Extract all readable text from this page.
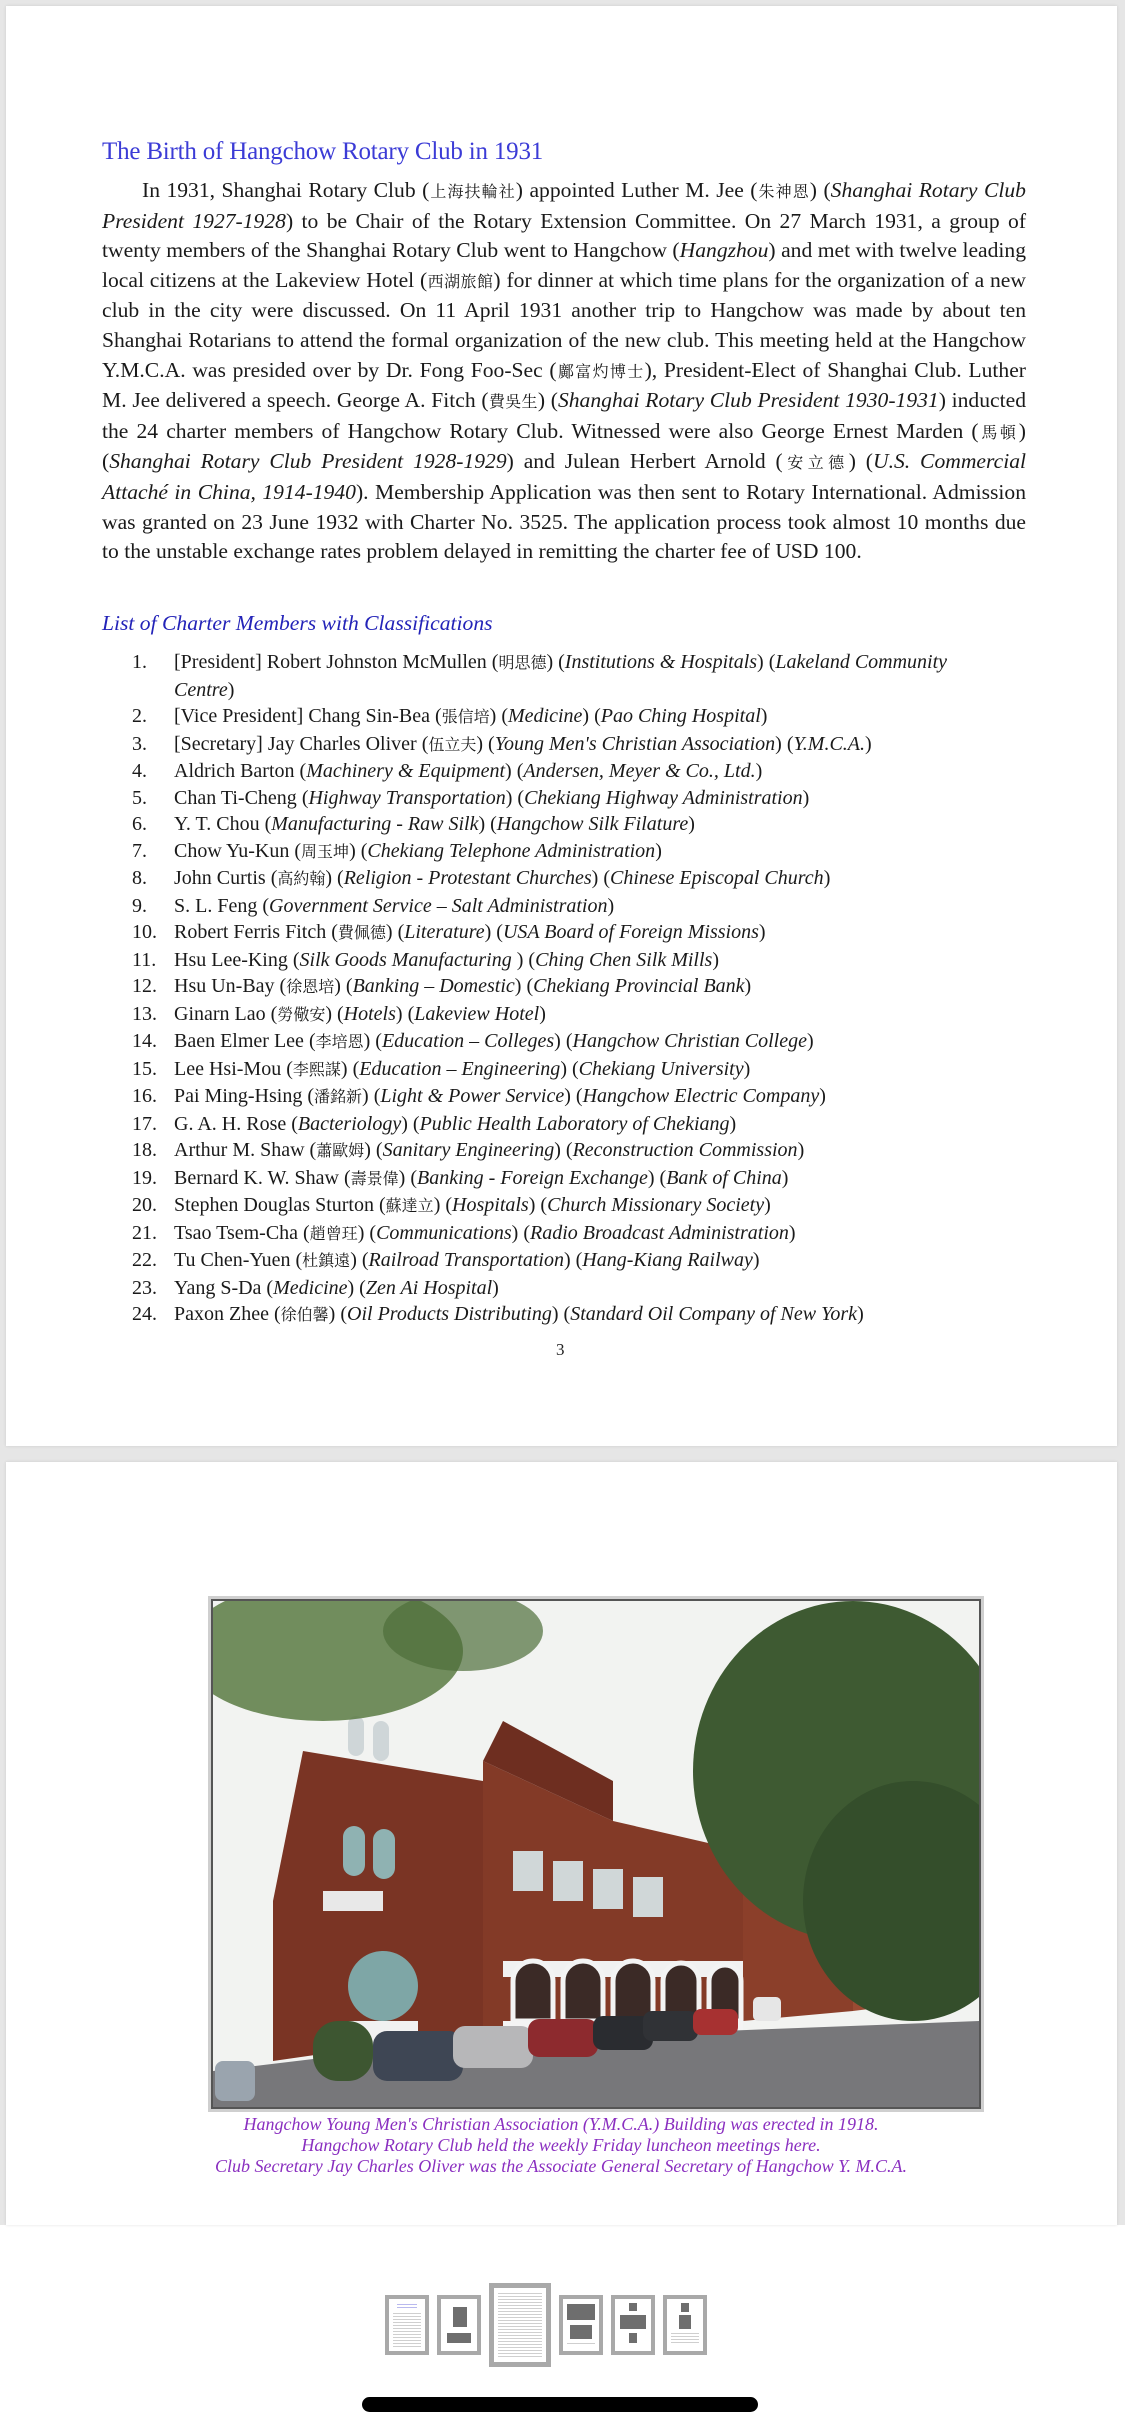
The Birth of Hangchow Rotary Club in 1931

In 1931, Shanghai Rotary Club (上海扶輪社) appointed Luther M. Jee (朱神恩) (Shanghai Rotary Club President 1927-1928) to be Chair of the Rotary Extension Committee. On 27 March 1931, a group of twenty members of the Shanghai Rotary Club went to Hangchow (Hangzhou) and met with twelve leading local citizens at the Lakeview Hotel (西湖旅館) for dinner at which time plans for the organization of a new club in the city were discussed. On 11 April 1931 another trip to Hangchow was made by about ten Shanghai Rotarians to attend the formal organization of the new club. This meeting held at the Hangchow Y.M.C.A. was presided over by Dr. Fong Foo-Sec (鄺富灼博士), President-Elect of Shanghai Club. Luther M. Jee delivered a speech. George A. Fitch (費吳生) (Shanghai Rotary Club President 1930-1931) inducted the 24 charter members of Hangchow Rotary Club. Witnessed were also George Ernest Marden (馬頓) (Shanghai Rotary Club President 1928-1929) and Julean Herbert Arnold (安立德) (U.S. Commercial Attaché in China, 1914-1940). Membership Application was then sent to Rotary International. Admission was granted on 23 June 1932 with Charter No. 3525. The application process took almost 10 months due to the unstable exchange rates problem delayed in remitting the charter fee of USD 100.

List of Charter Members with Classifications
1. [President] Robert Johnston McMullen (明思德) (Institutions & Hospitals) (Lakeland Community Centre)
2. [Vice President] Chang Sin-Bea (張信培) (Medicine) (Pao Ching Hospital)
3. [Secretary] Jay Charles Oliver (伍立夫) (Young Men's Christian Association) (Y.M.C.A.)
4. Aldrich Barton (Machinery & Equipment) (Andersen, Meyer & Co., Ltd.)
5. Chan Ti-Cheng (Highway Transportation) (Chekiang Highway Administration)
6. Y. T. Chou (Manufacturing - Raw Silk) (Hangchow Silk Filature)
7. Chow Yu-Kun (周玉坤) (Chekiang Telephone Administration)
8. John Curtis (高約翰) (Religion - Protestant Churches) (Chinese Episcopal Church)
9. S. L. Feng (Government Service – Salt Administration)
10. Robert Ferris Fitch (費佩德) (Literature) (USA Board of Foreign Missions)
11. Hsu Lee-King (Silk Goods Manufacturing ) (Ching Chen Silk Mills)
12. Hsu Un-Bay (徐恩培) (Banking – Domestic) (Chekiang Provincial Bank)
13. Ginarn Lao (勞儆安) (Hotels) (Lakeview Hotel)
14. Baen Elmer Lee (李培恩) (Education – Colleges) (Hangchow Christian College)
15. Lee Hsi-Mou (李熙謀) (Education – Engineering) (Chekiang University)
16. Pai Ming-Hsing (潘銘新) (Light & Power Service) (Hangchow Electric Company)
17. G. A. H. Rose (Bacteriology) (Public Health Laboratory of Chekiang)
18. Arthur M. Shaw (蕭歐姆) (Sanitary Engineering) (Reconstruction Commission)
19. Bernard K. W. Shaw (壽景偉) (Banking - Foreign Exchange) (Bank of China)
20. Stephen Douglas Sturton (蘇達立) (Hospitals) (Church Missionary Society)
21. Tsao Tsem-Cha (趙曾玨) (Communications) (Radio Broadcast Administration)
22. Tu Chen-Yuen (杜鎮遠) (Railroad Transportation) (Hang-Kiang Railway)
23. Yang S-Da (Medicine) (Zen Ai Hospital)
24. Paxon Zhee (徐伯馨) (Oil Products Distributing) (Standard Oil Company of New York)
3
Hangchow Young Men's Christian Association (Y.M.C.A.) Building was erected in 1918.
Hangchow Rotary Club held the weekly Friday luncheon meetings here.
Club Secretary Jay Charles Oliver was the Associate General Secretary of Hangchow Y. M.C.A.
